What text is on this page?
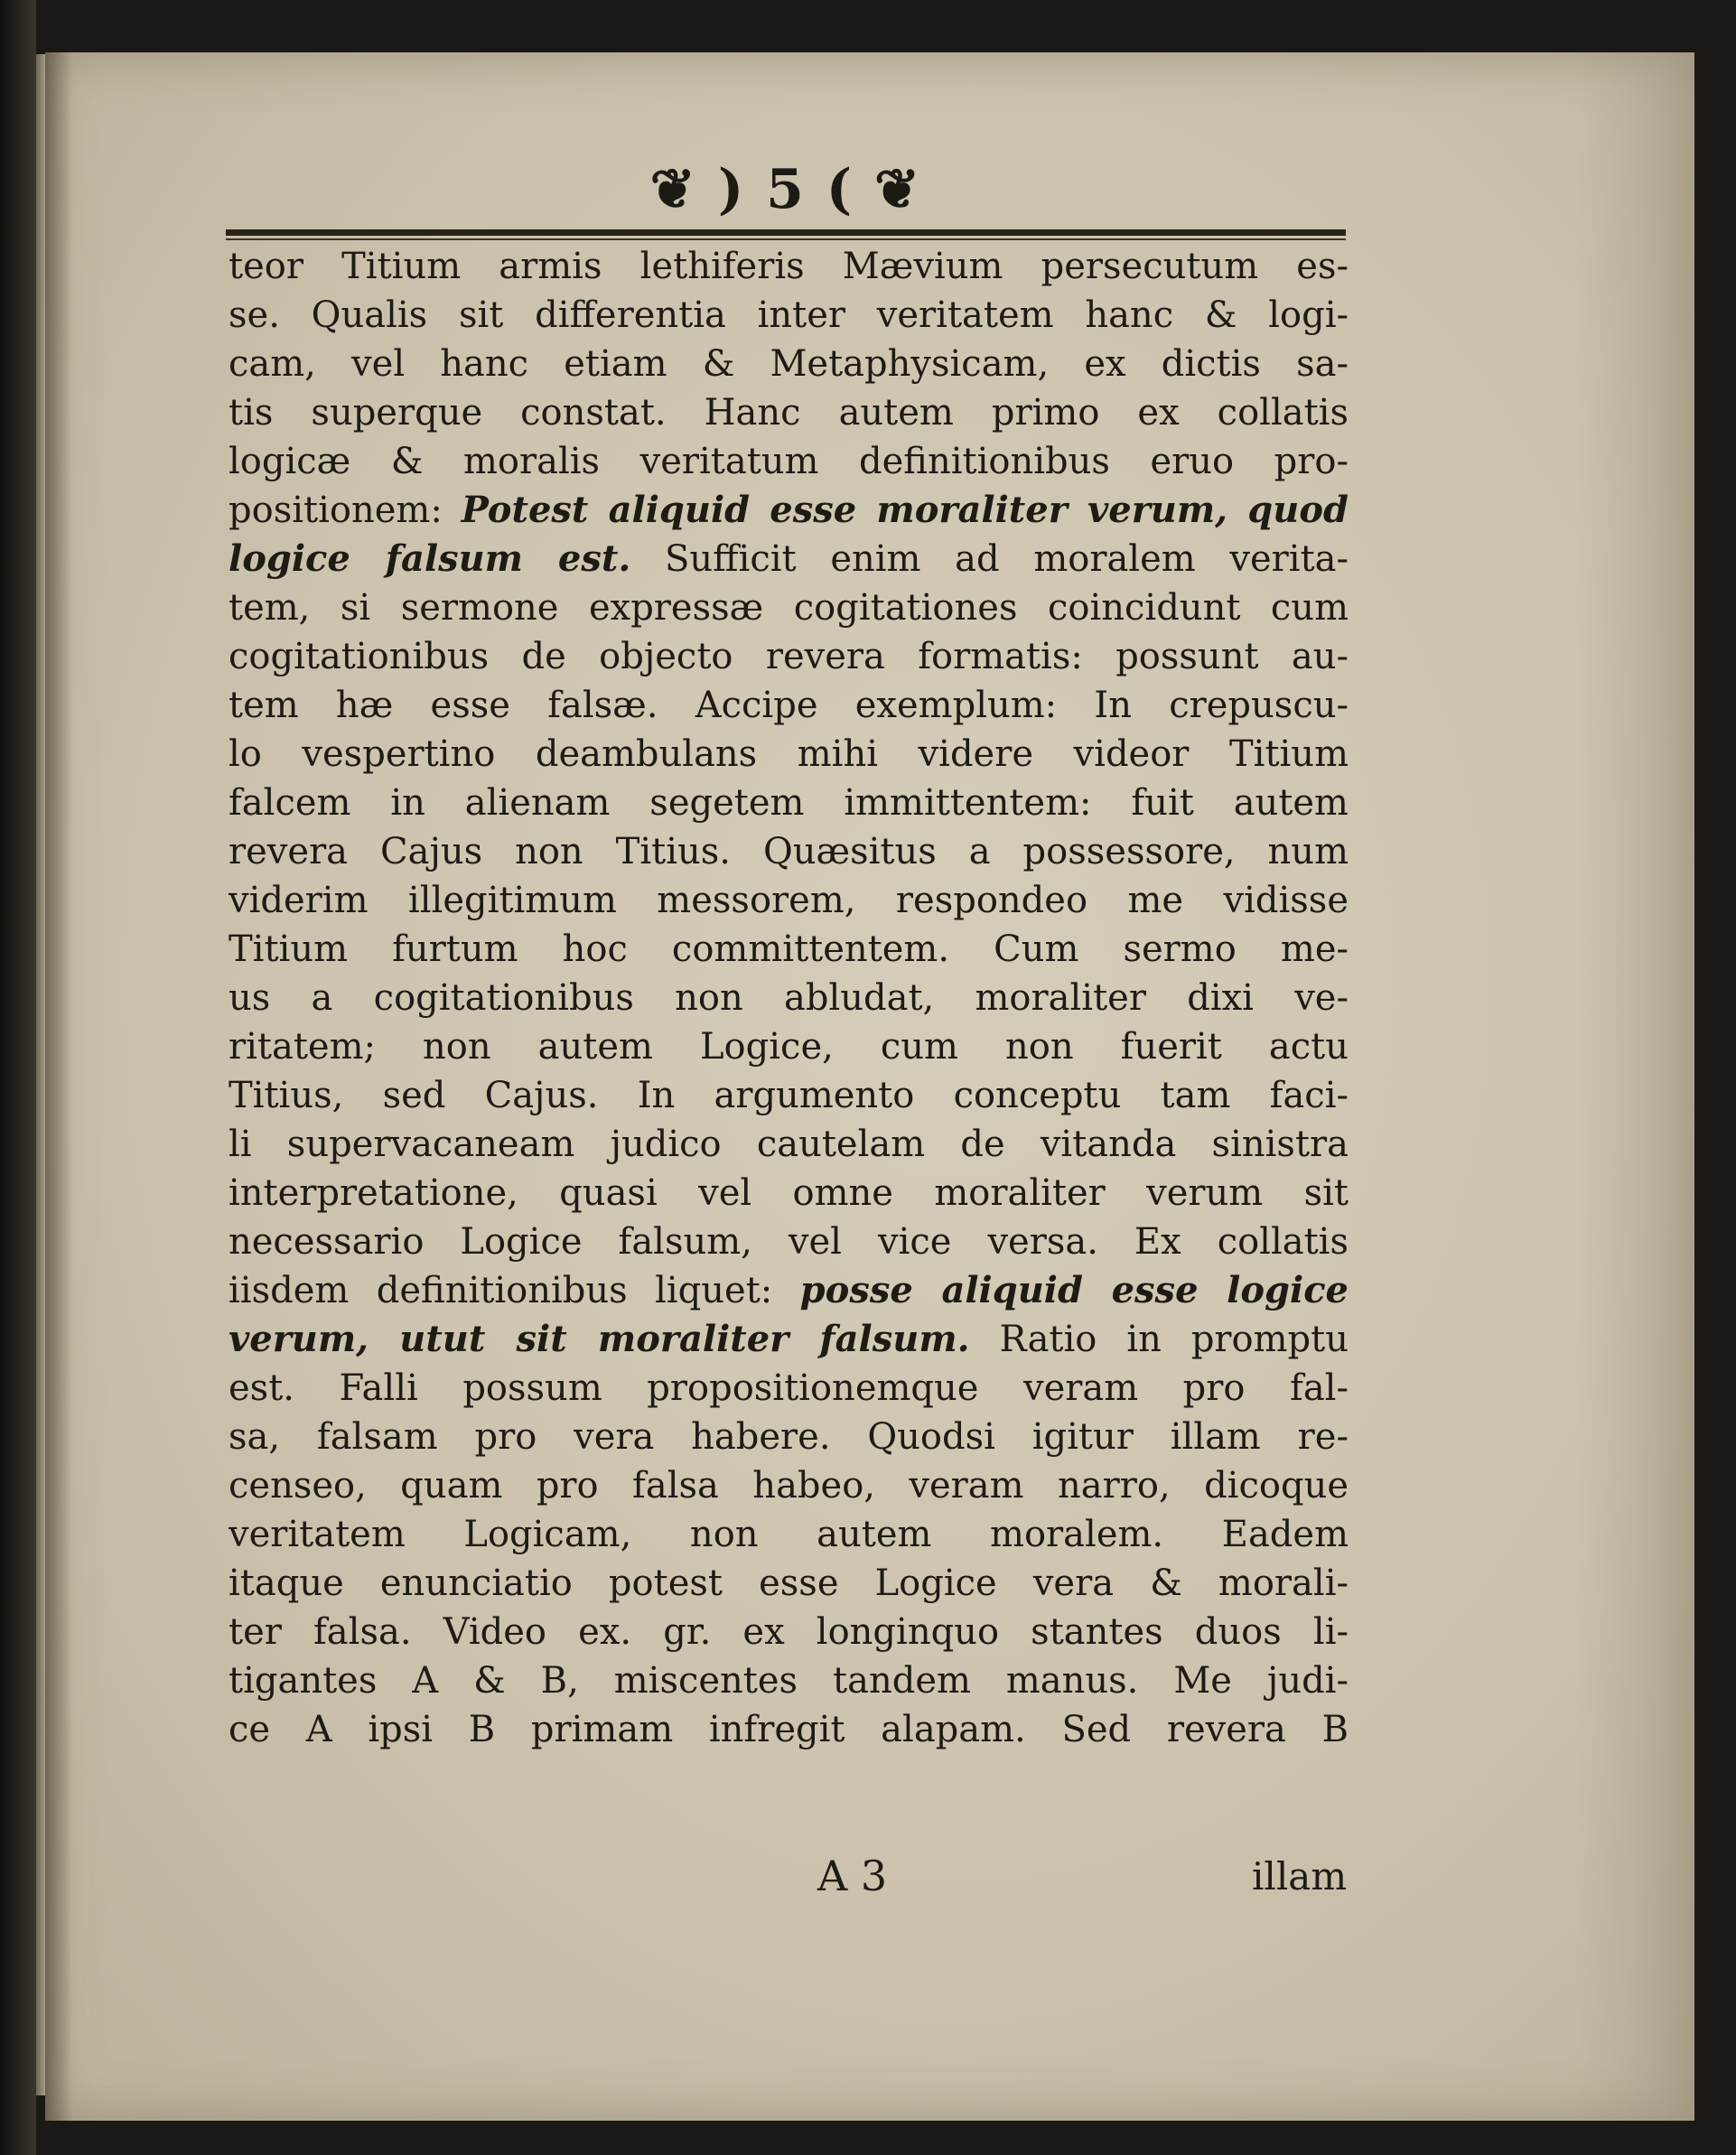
❦ ) 5 ( ❦
teor Titium armis lethiferis Mævium persecutum es-
se. Qualis sit differentia inter veritatem hanc & logi-
cam, vel hanc etiam & Metaphysicam, ex dictis sa-
tis superque constat. Hanc autem primo ex collatis
logicæ & moralis veritatum definitionibus eruo pro-
positionem: Potest aliquid esse moraliter verum, quod
logice falsum est. Sufficit enim ad moralem verita-
tem, si sermone expressæ cogitationes coincidunt cum
cogitationibus de objecto revera formatis: possunt au-
tem hæ esse falsæ. Accipe exemplum: In crepuscu-
lo vespertino deambulans mihi videre videor Titium
falcem in alienam segetem immittentem: fuit autem
revera Cajus non Titius. Quæsitus a possessore, num
viderim illegitimum messorem, respondeo me vidisse
Titium furtum hoc committentem. Cum sermo me-
us a cogitationibus non abludat, moraliter dixi ve-
ritatem; non autem Logice, cum non fuerit actu
Titius, sed Cajus. In argumento conceptu tam faci-
li supervacaneam judico cautelam de vitanda sinistra
interpretatione, quasi vel omne moraliter verum sit
necessario Logice falsum, vel vice versa. Ex collatis
iisdem definitionibus liquet: posse aliquid esse logice
verum, utut sit moraliter falsum. Ratio in promptu
est. Falli possum propositionemque veram pro fal-
sa, falsam pro vera habere. Quodsi igitur illam re-
censeo, quam pro falsa habeo, veram narro, dicoque
veritatem Logicam, non autem moralem. Eadem
itaque enunciatio potest esse Logice vera & morali-
ter falsa. Video ex. gr. ex longinquo stantes duos li-
tigantes A & B, miscentes tandem manus. Me judi-
ce A ipsi B primam infregit alapam. Sed revera B
A 3	illam
